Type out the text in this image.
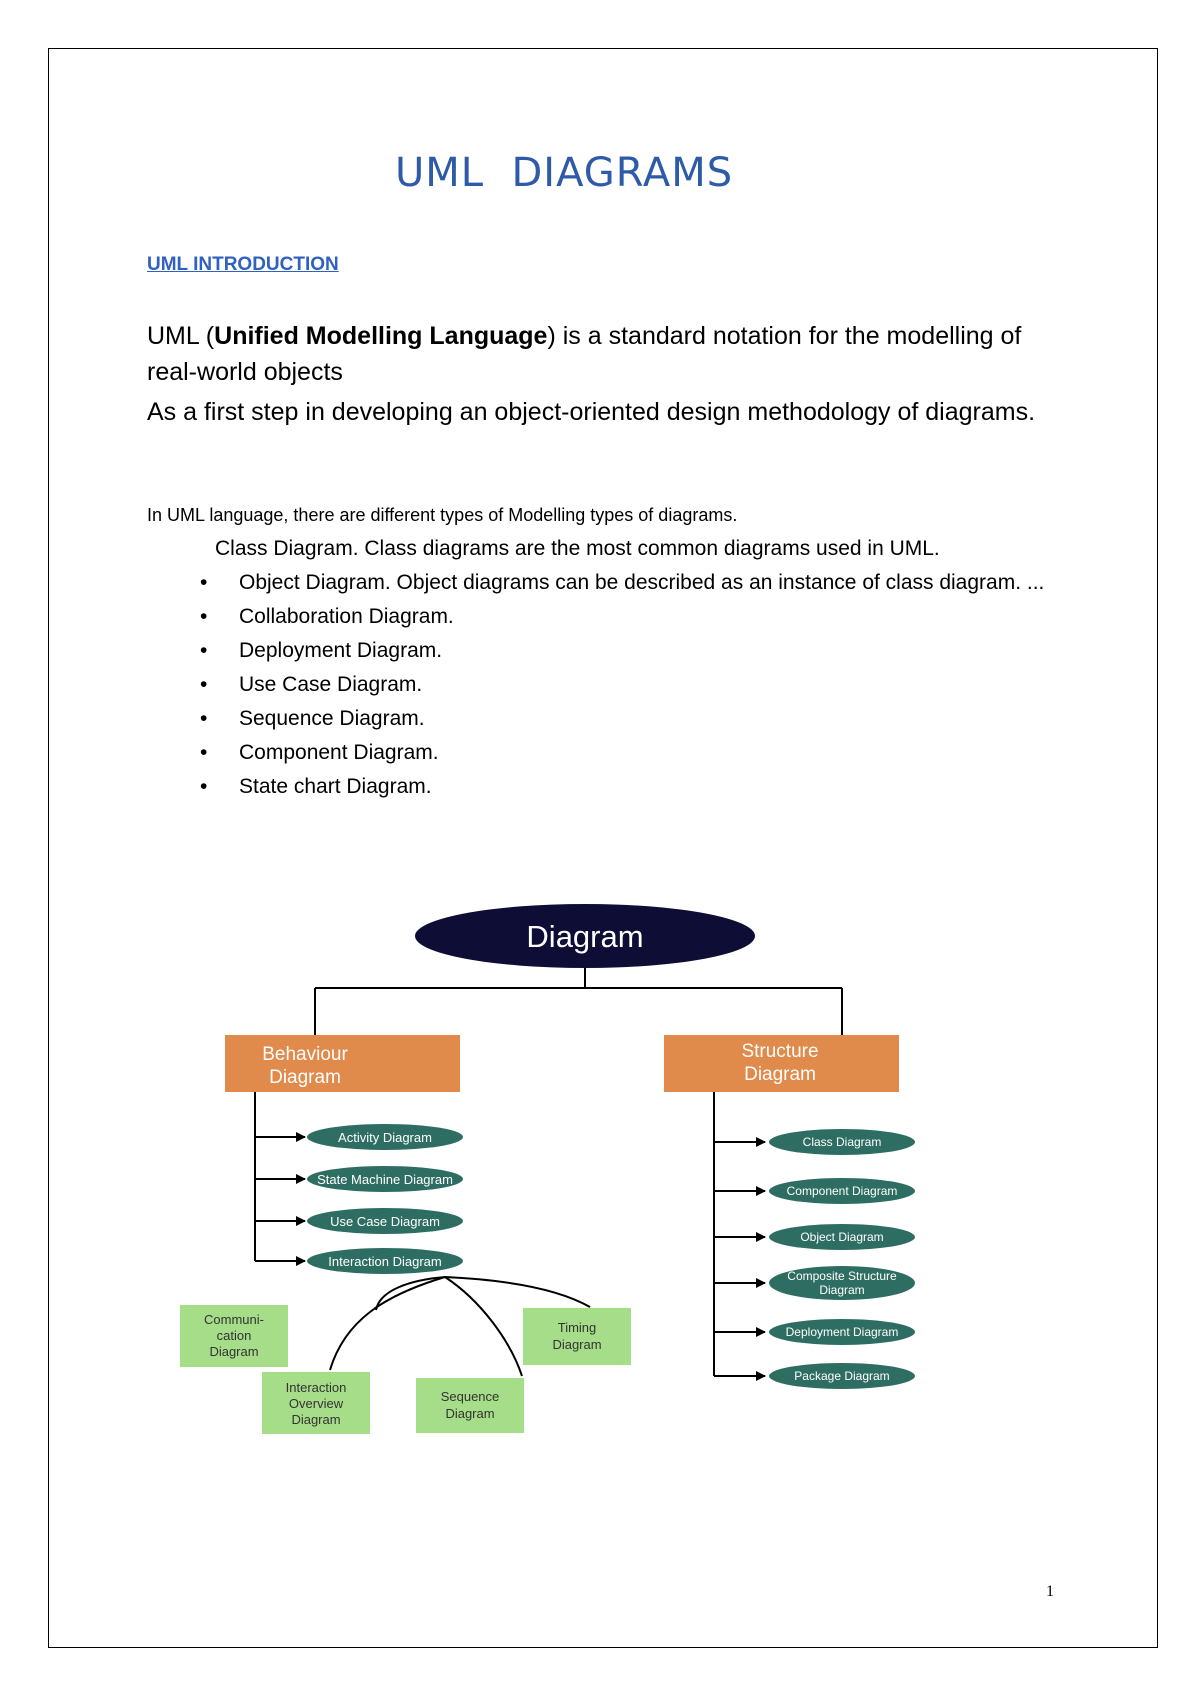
UML  DIAGRAMS
UML INTRODUCTION

UML (Unified Modelling Language) is a standard notation for the modelling of real-world objects

As a first step in developing an object-oriented design methodology of diagrams.

In UML language, there are different types of Modelling types of diagrams.

Class Diagram. Class diagrams are the most common diagrams used in UML.

• Object Diagram. Object diagrams can be described as an instance of class diagram. ...
• Collaboration Diagram.
• Deployment Diagram.
• Use Case Diagram.
• Sequence Diagram.
• Component Diagram.
• State chart Diagram.
Diagram
Behaviour
Diagram
Structure
Diagram
Activity Diagram
State Machine Diagram
Use Case Diagram
Interaction Diagram
Communi-
cation
Diagram
Interaction
Overview
Diagram
Sequence
Diagram
Timing
Diagram
Class Diagram
Component Diagram
Object Diagram
Composite Structure
Diagram
Deployment Diagram
Package Diagram
1
